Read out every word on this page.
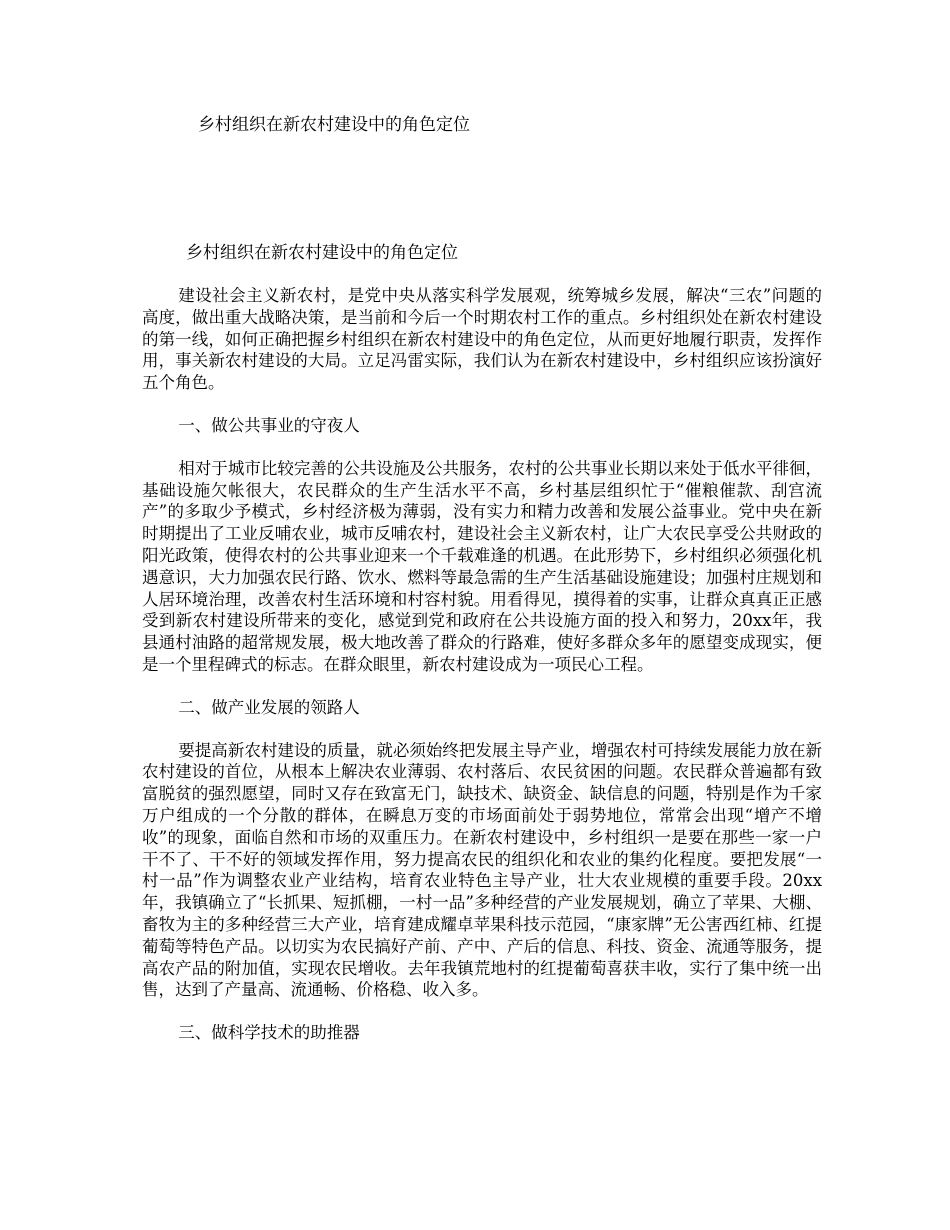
乡村组织在新农村建设中的角色定位
乡村组织在新农村建设中的角色定位

建设社会主义新农村，是党中央从落实科学发展观，统筹城乡发展，解决“三农”问题的高度，做出重大战略决策，是当前和今后一个时期农村工作的重点。乡村组织处在新农村建设的第一线，如何正确把握乡村组织在新农村建设中的角色定位，从而更好地履行职责，发挥作用，事关新农村建设的大局。立足冯雷实际，我们认为在新农村建设中，乡村组织应该扮演好五个角色。

一、做公共事业的守夜人

相对于城市比较完善的公共设施及公共服务，农村的公共事业长期以来处于低水平徘徊，基础设施欠帐很大，农民群众的生产生活水平不高，乡村基层组织忙于“催粮催款、刮宫流产”的多取少予模式，乡村经济极为薄弱，没有实力和精力改善和发展公益事业。党中央在新时期提出了工业反哺农业，城市反哺农村，建设社会主义新农村，让广大农民享受公共财政的阳光政策，使得农村的公共事业迎来一个千载难逢的机遇。在此形势下，乡村组织必须强化机遇意识，大力加强农民行路、饮水、燃料等最急需的生产生活基础设施建设；加强村庄规划和人居环境治理，改善农村生活环境和村容村貌。用看得见，摸得着的实事，让群众真真正正感受到新农村建设所带来的变化，感觉到党和政府在公共设施方面的投入和努力，20xx年，我县通村油路的超常规发展，极大地改善了群众的行路难，使好多群众多年的愿望变成现实，便是一个里程碑式的标志。在群众眼里，新农村建设成为一项民心工程。

二、做产业发展的领路人

要提高新农村建设的质量，就必须始终把发展主导产业，增强农村可持续发展能力放在新农村建设的首位，从根本上解决农业薄弱、农村落后、农民贫困的问题。农民群众普遍都有致富脱贫的强烈愿望，同时又存在致富无门，缺技术、缺资金、缺信息的问题，特别是作为千家万户组成的一个分散的群体，在瞬息万变的市场面前处于弱势地位，常常会出现“增产不增收”的现象，面临自然和市场的双重压力。在新农村建设中，乡村组织一是要在那些一家一户干不了、干不好的领域发挥作用，努力提高农民的组织化和农业的集约化程度。要把发展“一村一品”作为调整农业产业结构，培育农业特色主导产业，壮大农业规模的重要手段。20xx年，我镇确立了“长抓果、短抓棚，一村一品”多种经营的产业发展规划，确立了苹果、大棚、畜牧为主的多种经营三大产业，培育建成耀卓苹果科技示范园，“康家牌”无公害西红柿、红提葡萄等特色产品。以切实为农民搞好产前、产中、产后的信息、科技、资金、流通等服务，提高农产品的附加值，实现农民增收。去年我镇荒地村的红提葡萄喜获丰收，实行了集中统一出售，达到了产量高、流通畅、价格稳、收入多。

三、做科学技术的助推器
